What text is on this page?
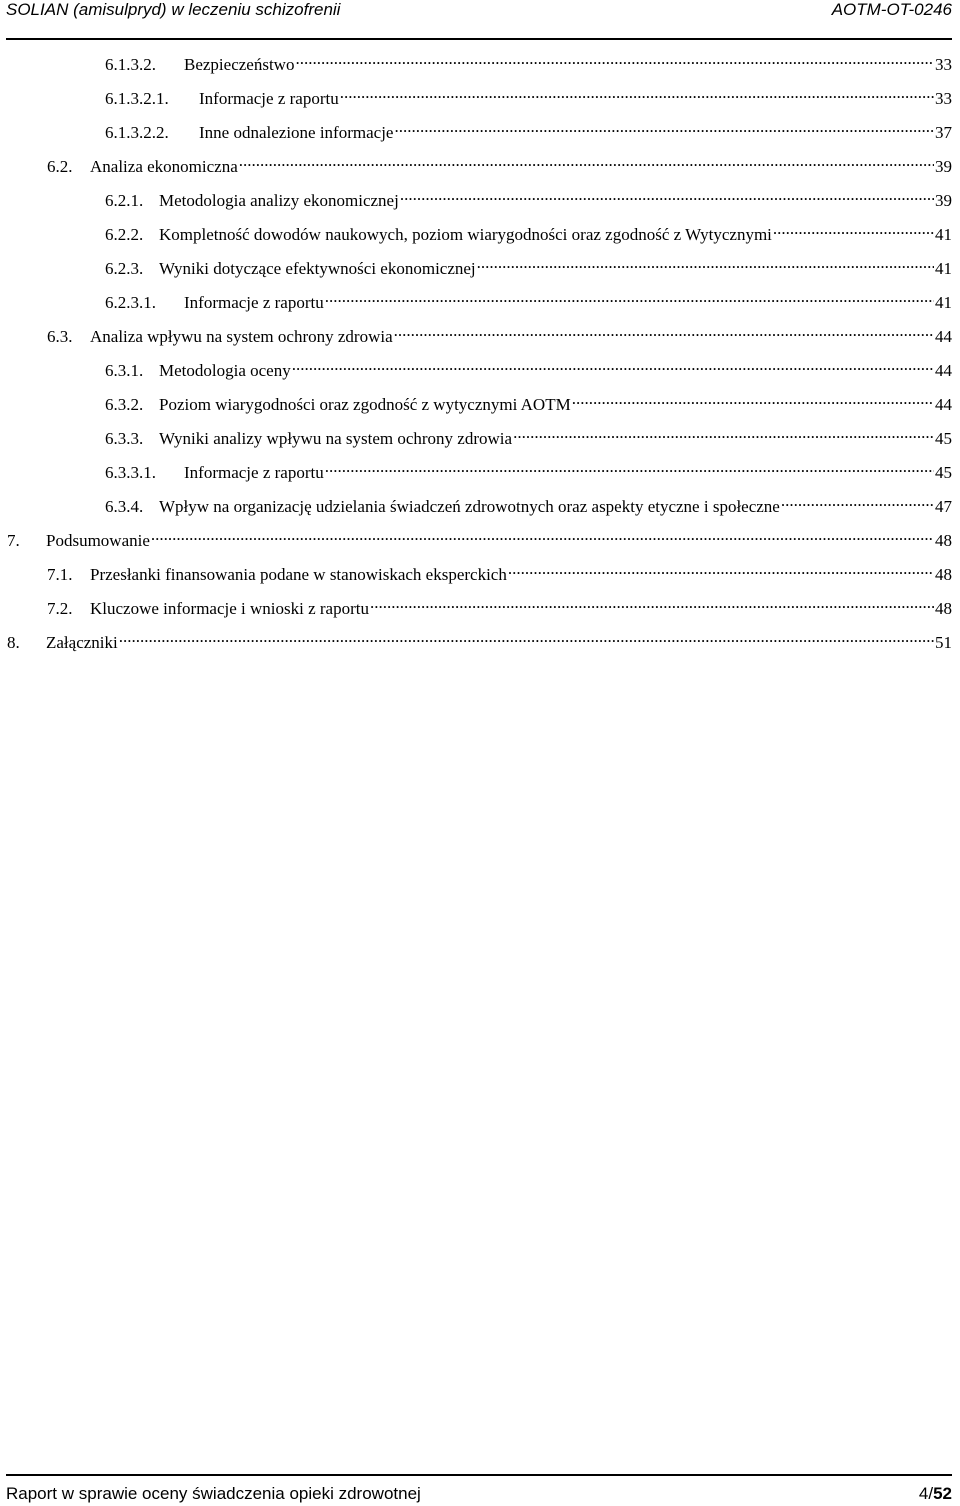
SOLIAN (amisulpryd) w leczeniu schizofrenii	AOTM-OT-0246
6.1.3.2.	Bezpieczeństwo .....	33
6.1.3.2.1.	Informacje z raportu .....	33
6.1.3.2.2.	Inne odnalezione informacje .....	37
6.2.	Analiza ekonomiczna .....	39
6.2.1. Metodologia analizy ekonomicznej .....	39
6.2.2. Kompletność dowodów naukowych, poziom wiarygodności oraz zgodność z Wytycznymi .....	41
6.2.3. Wyniki dotyczące efektywności ekonomicznej .....	41
6.2.3.1.	Informacje z raportu .....	41
6.3.	Analiza wpływu na system ochrony zdrowia .....	44
6.3.1. Metodologia oceny .....	44
6.3.2. Poziom wiarygodności oraz zgodność z wytycznymi AOTM .....	44
6.3.3. Wyniki analizy wpływu na system ochrony zdrowia .....	45
6.3.3.1.	Informacje z raportu .....	45
6.3.4. Wpływ na organizację udzielania świadczeń zdrowotnych oraz aspekty etyczne i społeczne .....	47
7.	Podsumowanie .....	48
7.1.	Przesłanki finansowania podane w stanowiskach eksperckich .....	48
7.2.	Kluczowe informacje i wnioski z raportu .....	48
8.	Załączniki .....	51
Raport w sprawie oceny świadczenia opieki zdrowotnej	4/52
